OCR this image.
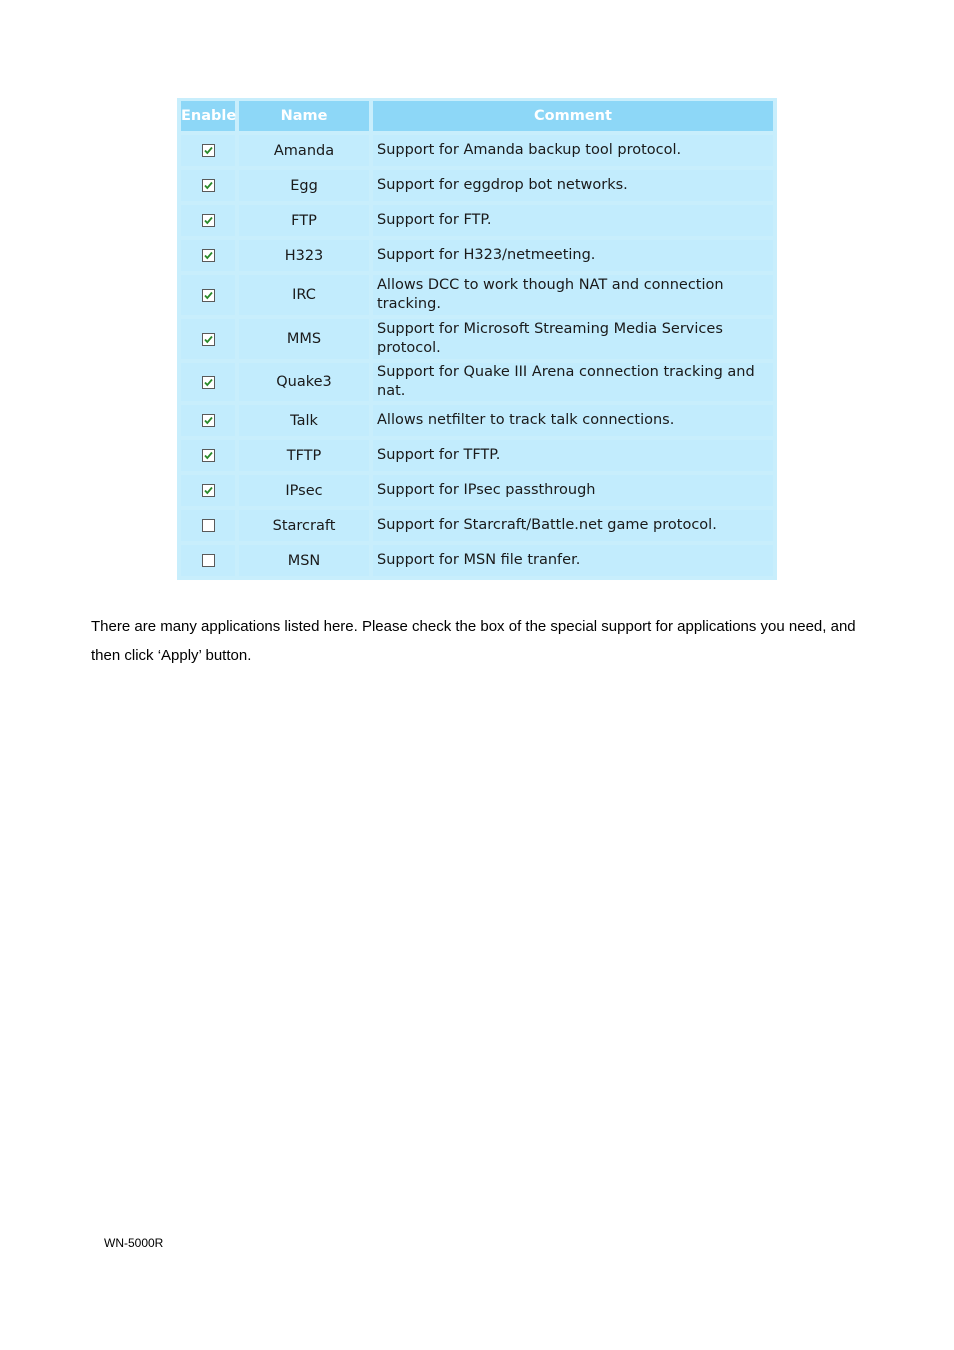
Enable	Name	Comment

	Amanda	Support for Amanda backup tool protocol.

	Egg	Support for eggdrop bot networks.

	FTP	Support for FTP.

	H323	Support for H323/netmeeting.

	IRC	Allows DCC to work though NAT and connection tracking.

	MMS	Support for Microsoft Streaming Media Services protocol.

	Quake3	Support for Quake III Arena connection tracking and nat.

	Talk	Allows netfilter to track talk connections.

	TFTP	Support for TFTP.

	IPsec	Support for IPsec passthrough
	Starcraft	Support for Starcraft/Battle.net game protocol.
	MSN	Support for MSN file tranfer.

There are many applications listed here. Please check the box of the special support for applications you need, and then click ‘Apply’ button.

WN-5000R
